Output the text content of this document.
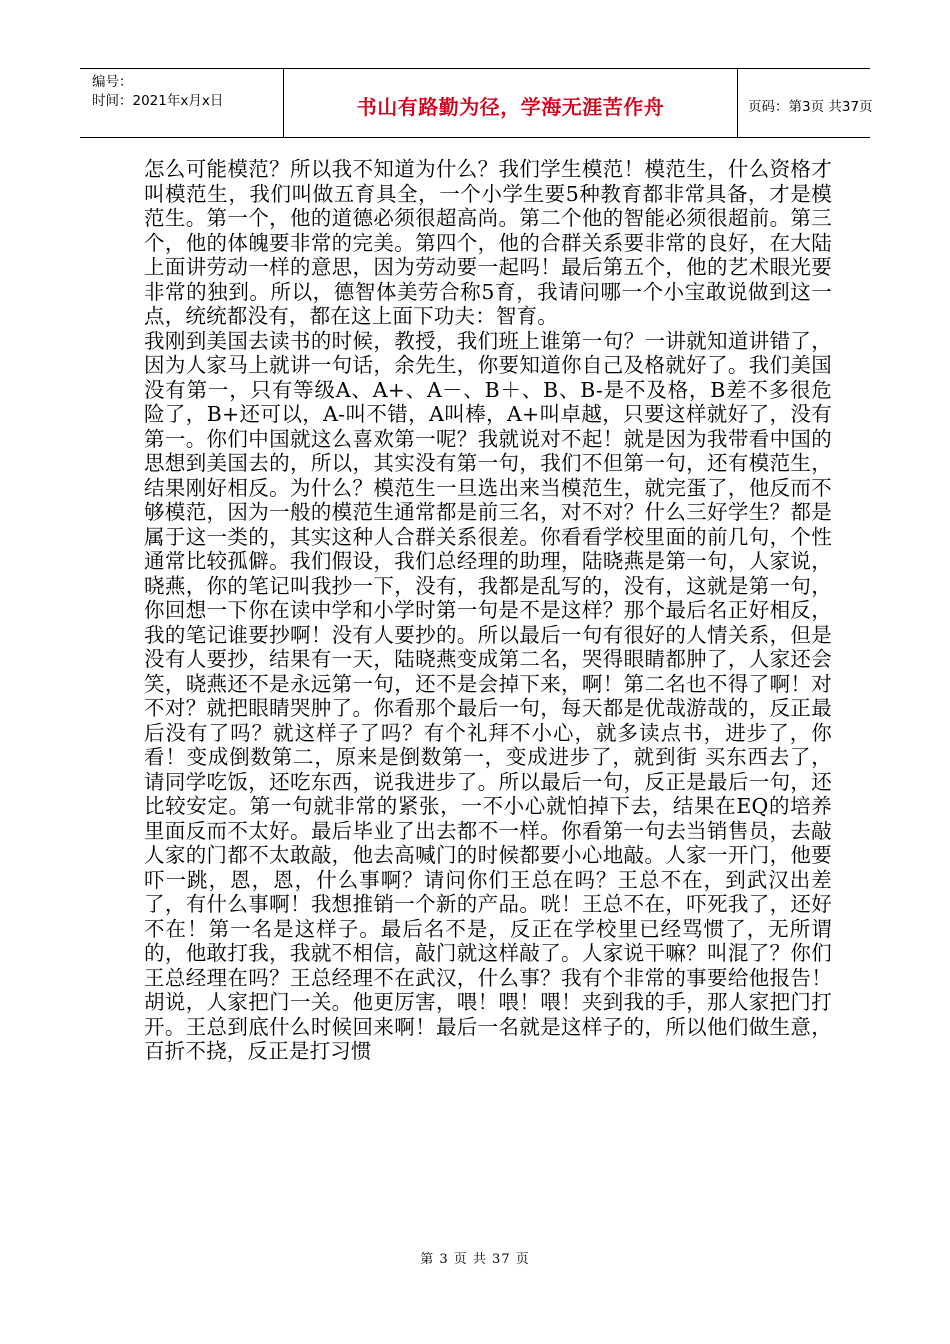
编号：
时间：2021年x月x日	书山有路勤为径，学海无涯苦作舟	页码：第3页 共37页

怎么可能模范？所以我不知道为什么？我们学生模范！模范生，什么资格才叫模范生，我们叫做五育具全，一个小学生要5种教育都非常具备，才是模范生。第一个，他的道德必须很超高尚。第二个他的智能必须很超前。第三个，他的体魄要非常的完美。第四个，他的合群关系要非常的良好，在大陆上面讲劳动一样的意思，因为劳动要一起吗！最后第五个，他的艺术眼光要非常的独到。所以，德智体美劳合称5育，我请问哪一个小宝敢说做到这一点，统统都没有，都在这上面下功夫：智育。

我刚到美国去读书的时候，教授，我们班上谁第一句？一讲就知道讲错了，因为人家马上就讲一句话，余先生，你要知道你自己及格就好了。我们美国没有第一，只有等级A、A+、A－、B＋、B、B-是不及格，B差不多很危险了，B+还可以，A-叫不错，A叫棒，A+叫卓越，只要这样就好了，没有第一。你们中国就这么喜欢第一呢？我就说对不起！就是因为我带看中国的思想到美国去的，所以，其实没有第一句，我们不但第一句，还有模范生，结果刚好相反。为什么？模范生一旦选出来当模范生，就完蛋了，他反而不够模范，因为一般的模范生通常都是前三名，对不对？什么三好学生？都是属于这一类的，其实这种人合群关系很差。你看看学校里面的前几句，个性通常比较孤僻。我们假设，我们总经理的助理，陆晓燕是第一句，人家说，晓燕，你的笔记叫我抄一下，没有，我都是乱写的，没有，这就是第一句，你回想一下你在读中学和小学时第一句是不是这样？那个最后名正好相反，我的笔记谁要抄啊！没有人要抄的。所以最后一句有很好的人情关系，但是没有人要抄，结果有一天，陆晓燕变成第二名，哭得眼睛都肿了，人家还会笑，晓燕还不是永远第一句，还不是会掉下来，啊！第二名也不得了啊！对不对？就把眼睛哭肿了。你看那个最后一句，每天都是优哉游哉的，反正最后没有了吗？就这样子了吗？有个礼拜不小心，就多读点书，进步了，你看！变成倒数第二，原来是倒数第一，变成进步了，就到街 买东西去了，请同学吃饭，还吃东西，说我进步了。所以最后一句，反正是最后一句，还比较安定。第一句就非常的紧张，一不小心就怕掉下去，结果在EQ的培养里面反而不太好。最后毕业了出去都不一样。你看第一句去当销售员，去敲人家的门都不太敢敲，他去高喊门的时候都要小心地敲。人家一开门，他要吓一跳，恩，恩，什么事啊？请问你们王总在吗？王总不在，到武汉出差了，有什么事啊！我想推销一个新的产品。咣！王总不在，吓死我了，还好不在！第一名是这样子。最后名不是，反正在学校里已经骂惯了，无所谓的，他敢打我，我就不相信，敲门就这样敲了。人家说干嘛？叫混了？你们王总经理在吗？王总经理不在武汉，什么事？我有个非常的事要给他报告！胡说，人家把门一关。他更厉害，喂！喂！喂！夹到我的手，那人家把门打开。王总到底什么时候回来啊！最后一名就是这样子的，所以他们做生意，百折不挠，反正是打习惯

第 3 页 共 37 页
